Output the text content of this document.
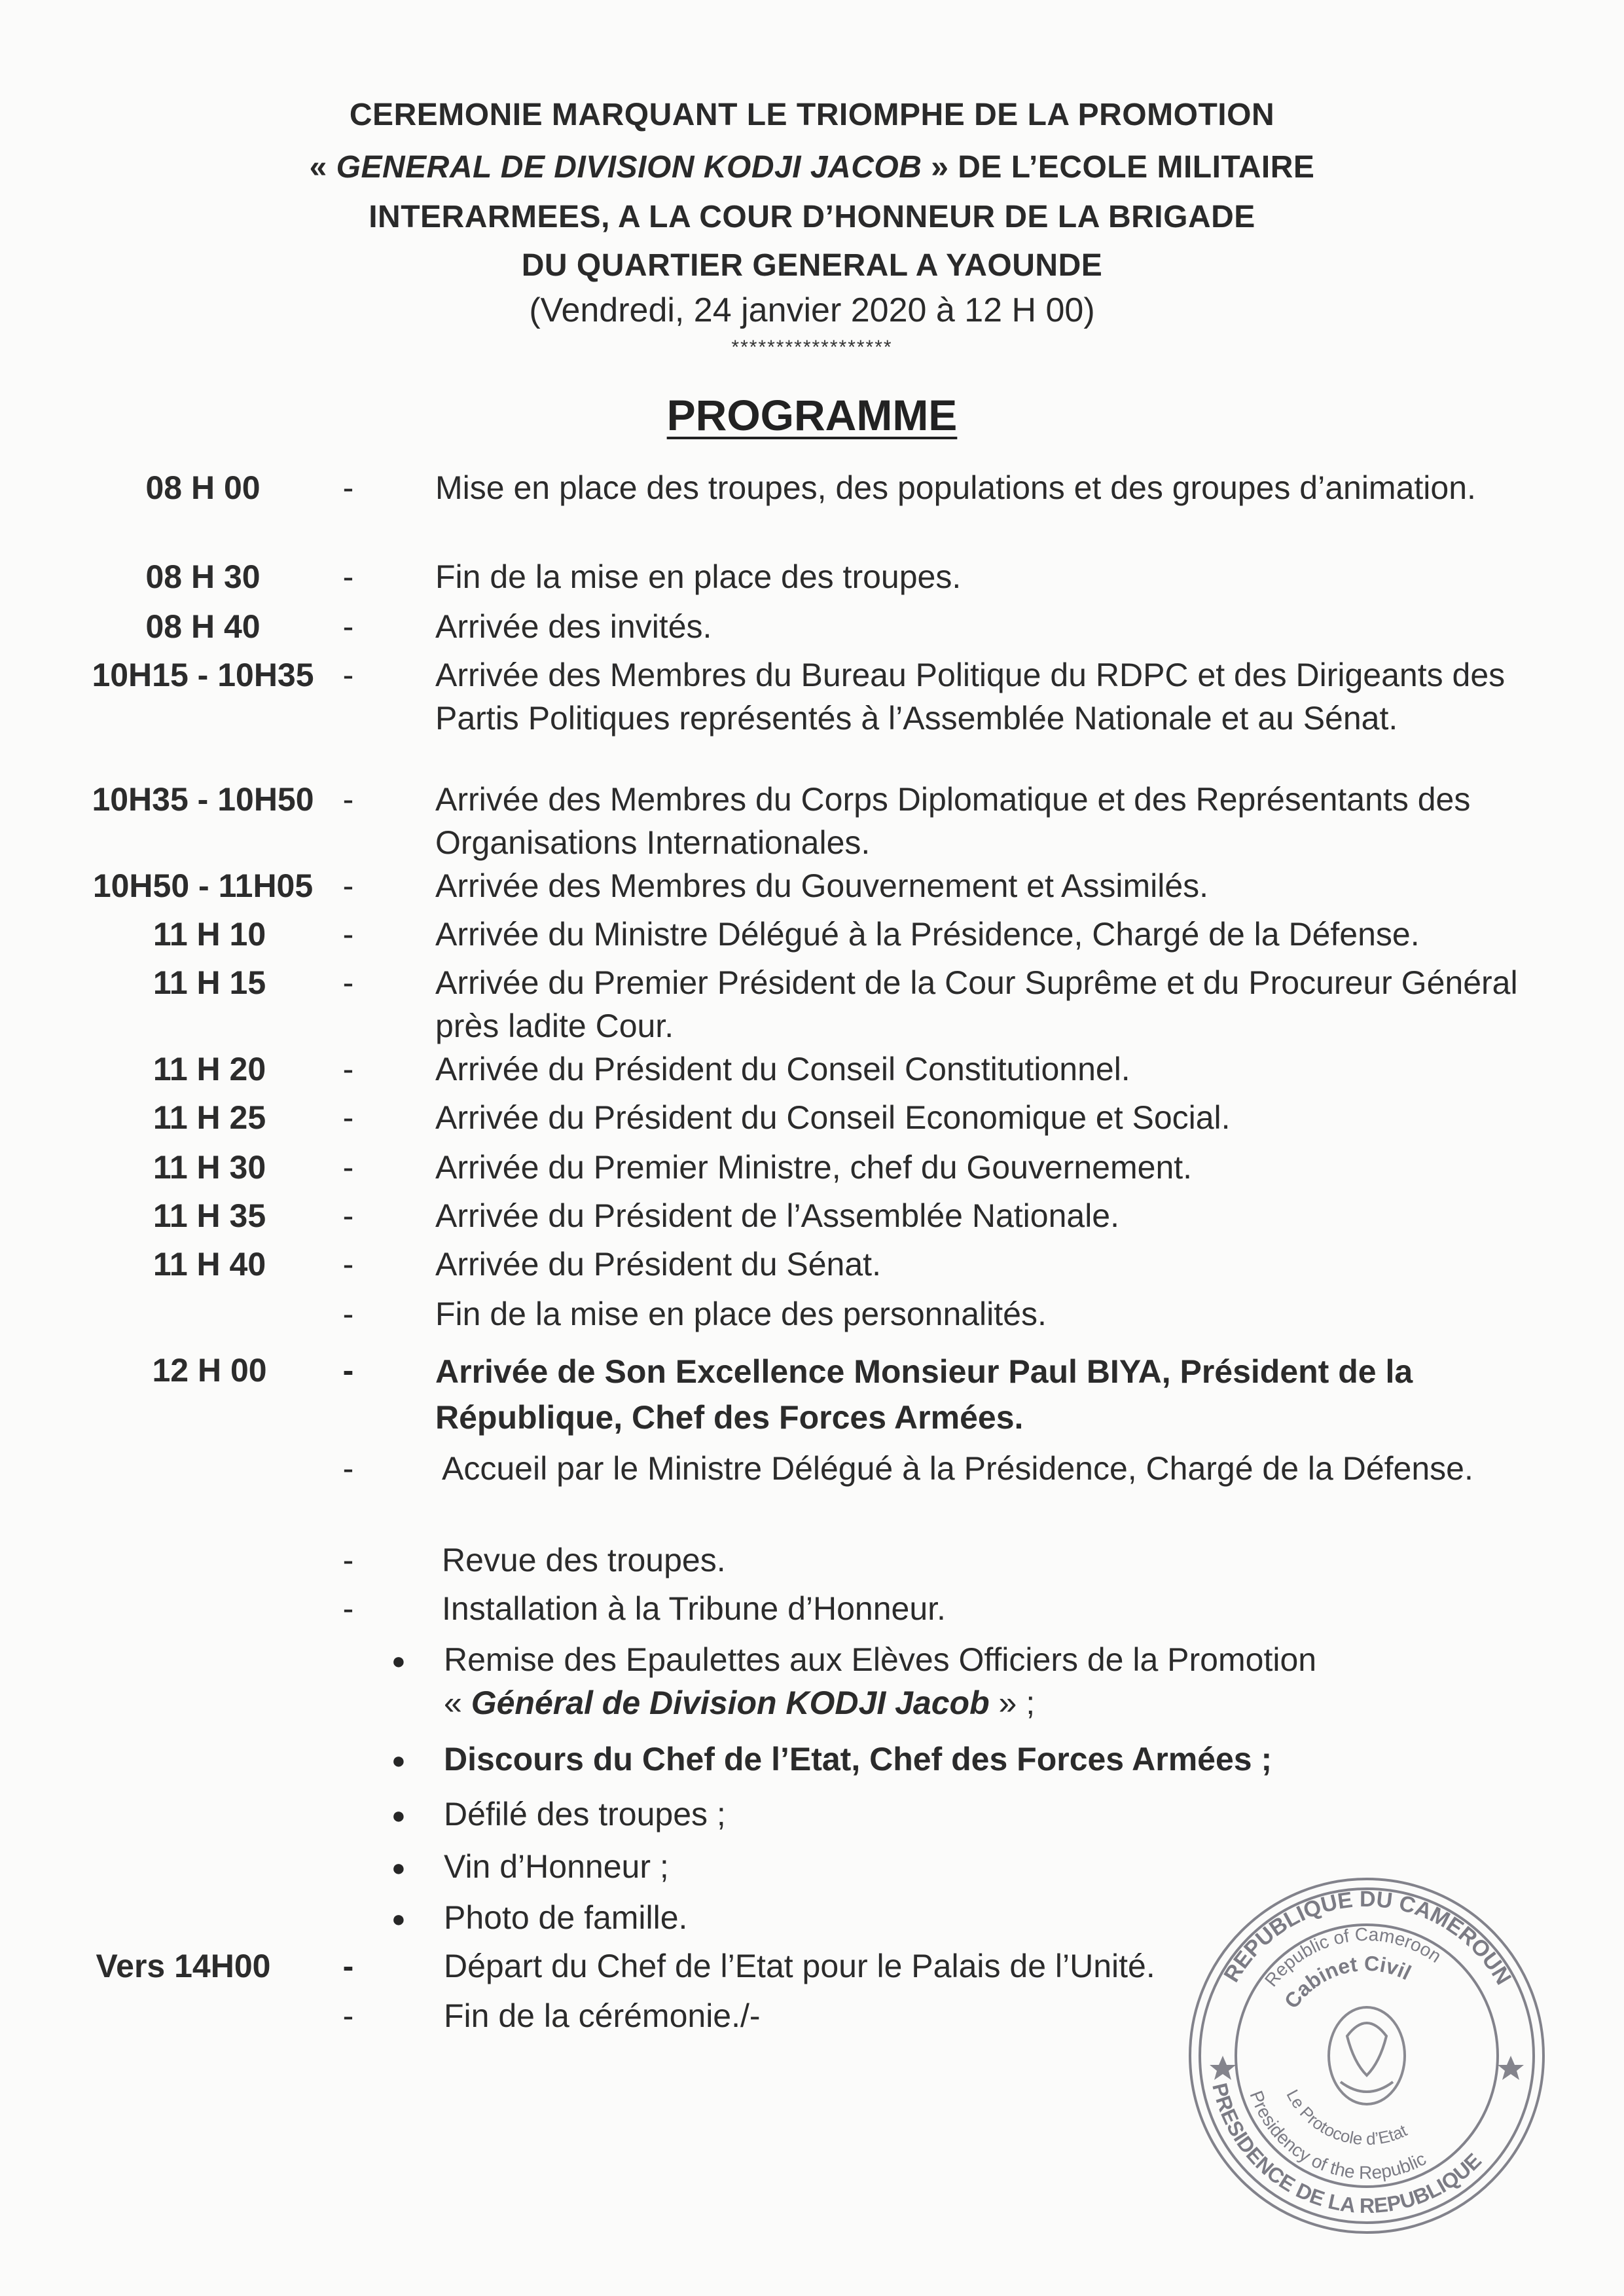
CEREMONIE MARQUANT LE TRIOMPHE DE LA PROMOTION
« GENERAL DE DIVISION KODJI JACOB » DE L’ECOLE MILITAIRE
INTERARMEES, A LA COUR D’HONNEUR DE LA BRIGADE
DU QUARTIER GENERAL A YAOUNDE
(Vendredi, 24 janvier 2020 à 12 H 00)
******************
PROGRAMME
08 H 00	- Mise en place des troupes, des populations et des groupes d’animation.
08 H 30	- Fin de la mise en place des troupes.
08 H 40	- Arrivée des invités.
10H15 - 10H35 - Arrivée des Membres du Bureau Politique du RDPC et des Dirigeants des Partis Politiques représentés à l’Assemblée Nationale et au Sénat.
10H35 - 10H50 - Arrivée des Membres du Corps Diplomatique et des Représentants des Organisations Internationales.
10H50 - 11H05 - Arrivée des Membres du Gouvernement et Assimilés.
11 H 10	- Arrivée du Ministre Délégué à la Présidence, Chargé de la Défense.
11 H 15	- Arrivée du Premier Président de la Cour Suprême et du Procureur Général près ladite Cour.
11 H 20	- Arrivée du Président du Conseil Constitutionnel.
11 H 25	- Arrivée du Président du Conseil Economique et Social.
11 H 30	- Arrivée du Premier Ministre, chef du Gouvernement.
11 H 35	- Arrivée du Président de l’Assemblée Nationale.
11 H 40	- Arrivée du Président du Sénat.
- Fin de la mise en place des personnalités.
12 H 00	- Arrivée de Son Excellence Monsieur Paul BIYA, Président de la République, Chef des Forces Armées.
-	Accueil par le Ministre Délégué à la Présidence, Chargé de la Défense.
-	Revue des troupes.
-	Installation à la Tribune d’Honneur.
● Remise des Epaulettes aux Elèves Officiers de la Promotion
« Général de Division KODJI Jacob » ;
● Discours du Chef de l’Etat, Chef des Forces Armées ;
● Défilé des troupes ;
● Vin d’Honneur ;
● Photo de famille.
Vers 14H00	-	Départ du Chef de l’Etat pour le Palais de l’Unité.
-	Fin de la cérémonie./-
REPUBLIQUE DU CAMEROUN
PRESIDENCE DE LA REPUBLIQUE
Republic of Cameroon
Presidency of the Republic
Cabinet Civil
Le Protocole d’Etat
